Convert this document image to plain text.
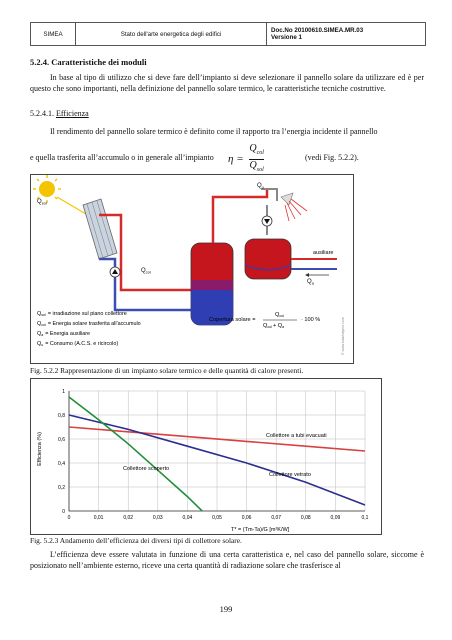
SIMEA	Stato dell'arte energetica degli edifici	Doc.No 20100610.SIMEA.MR.03
Versione 1
5.2.4. Caratteristiche dei moduli
In base al tipo di utilizzo che si deve fare dell’impianto si deve selezionare il pannello solare da utilizzare ed è per questo che sono importanti, nella definizione del pannello solare termico, le caratteristiche tecniche costruttive.
5.2.4.1. Efficienza
Il rendimento del pannello solare termico è definito come il rapporto tra l’energia incidente il pannello
e quella trasferita all’accumulo o in generale all’impianto	$\eta = \frac{Q_{col}}{Q_{sol}}$	(vedi Fig. 5.2.2).
$Q_{sol}$
$Q_{col}$
$Q_u$
ausiliare
$Q_a$
$Q_{sol}$ = irradiazione sul piano collettore
$Q_{col}$ = Energia solare trasferita all'accumulo
$Q_a$ = Energia ausiliare
$Q_u$ = Consumo (A.C.S. e ricircolo)
Copertura solare =
$Q_{col}$
$Q_{col}+ Q_a$
· 100 %	© www.solarbayern.com
Fig. 5.2.2 Rappresentazione di un impianto solare termico e delle quantità di calore presenti.
0	0,01	0,02	0,03	0,04	0,05	0,06	0,07	0,08	0,09	0,1
0
0,2
0,4
0,6
0,8
1
Efficienza (%)
T* = (Tm-Ta)/G [m²K/W]
Collettore a tubi evacuati
Collettore vetrato
Collettore scoperto
Fig. 5.2.3 Andamento dell’efficienza dei diversi tipi di collettore solare.
L’efficienza deve essere valutata in funzione di una certa caratteristica e, nel caso del pannello solare, siccome è posizionato nell’ambiente esterno, riceve una certa quantità di radiazione solare che trasferisce al
199
